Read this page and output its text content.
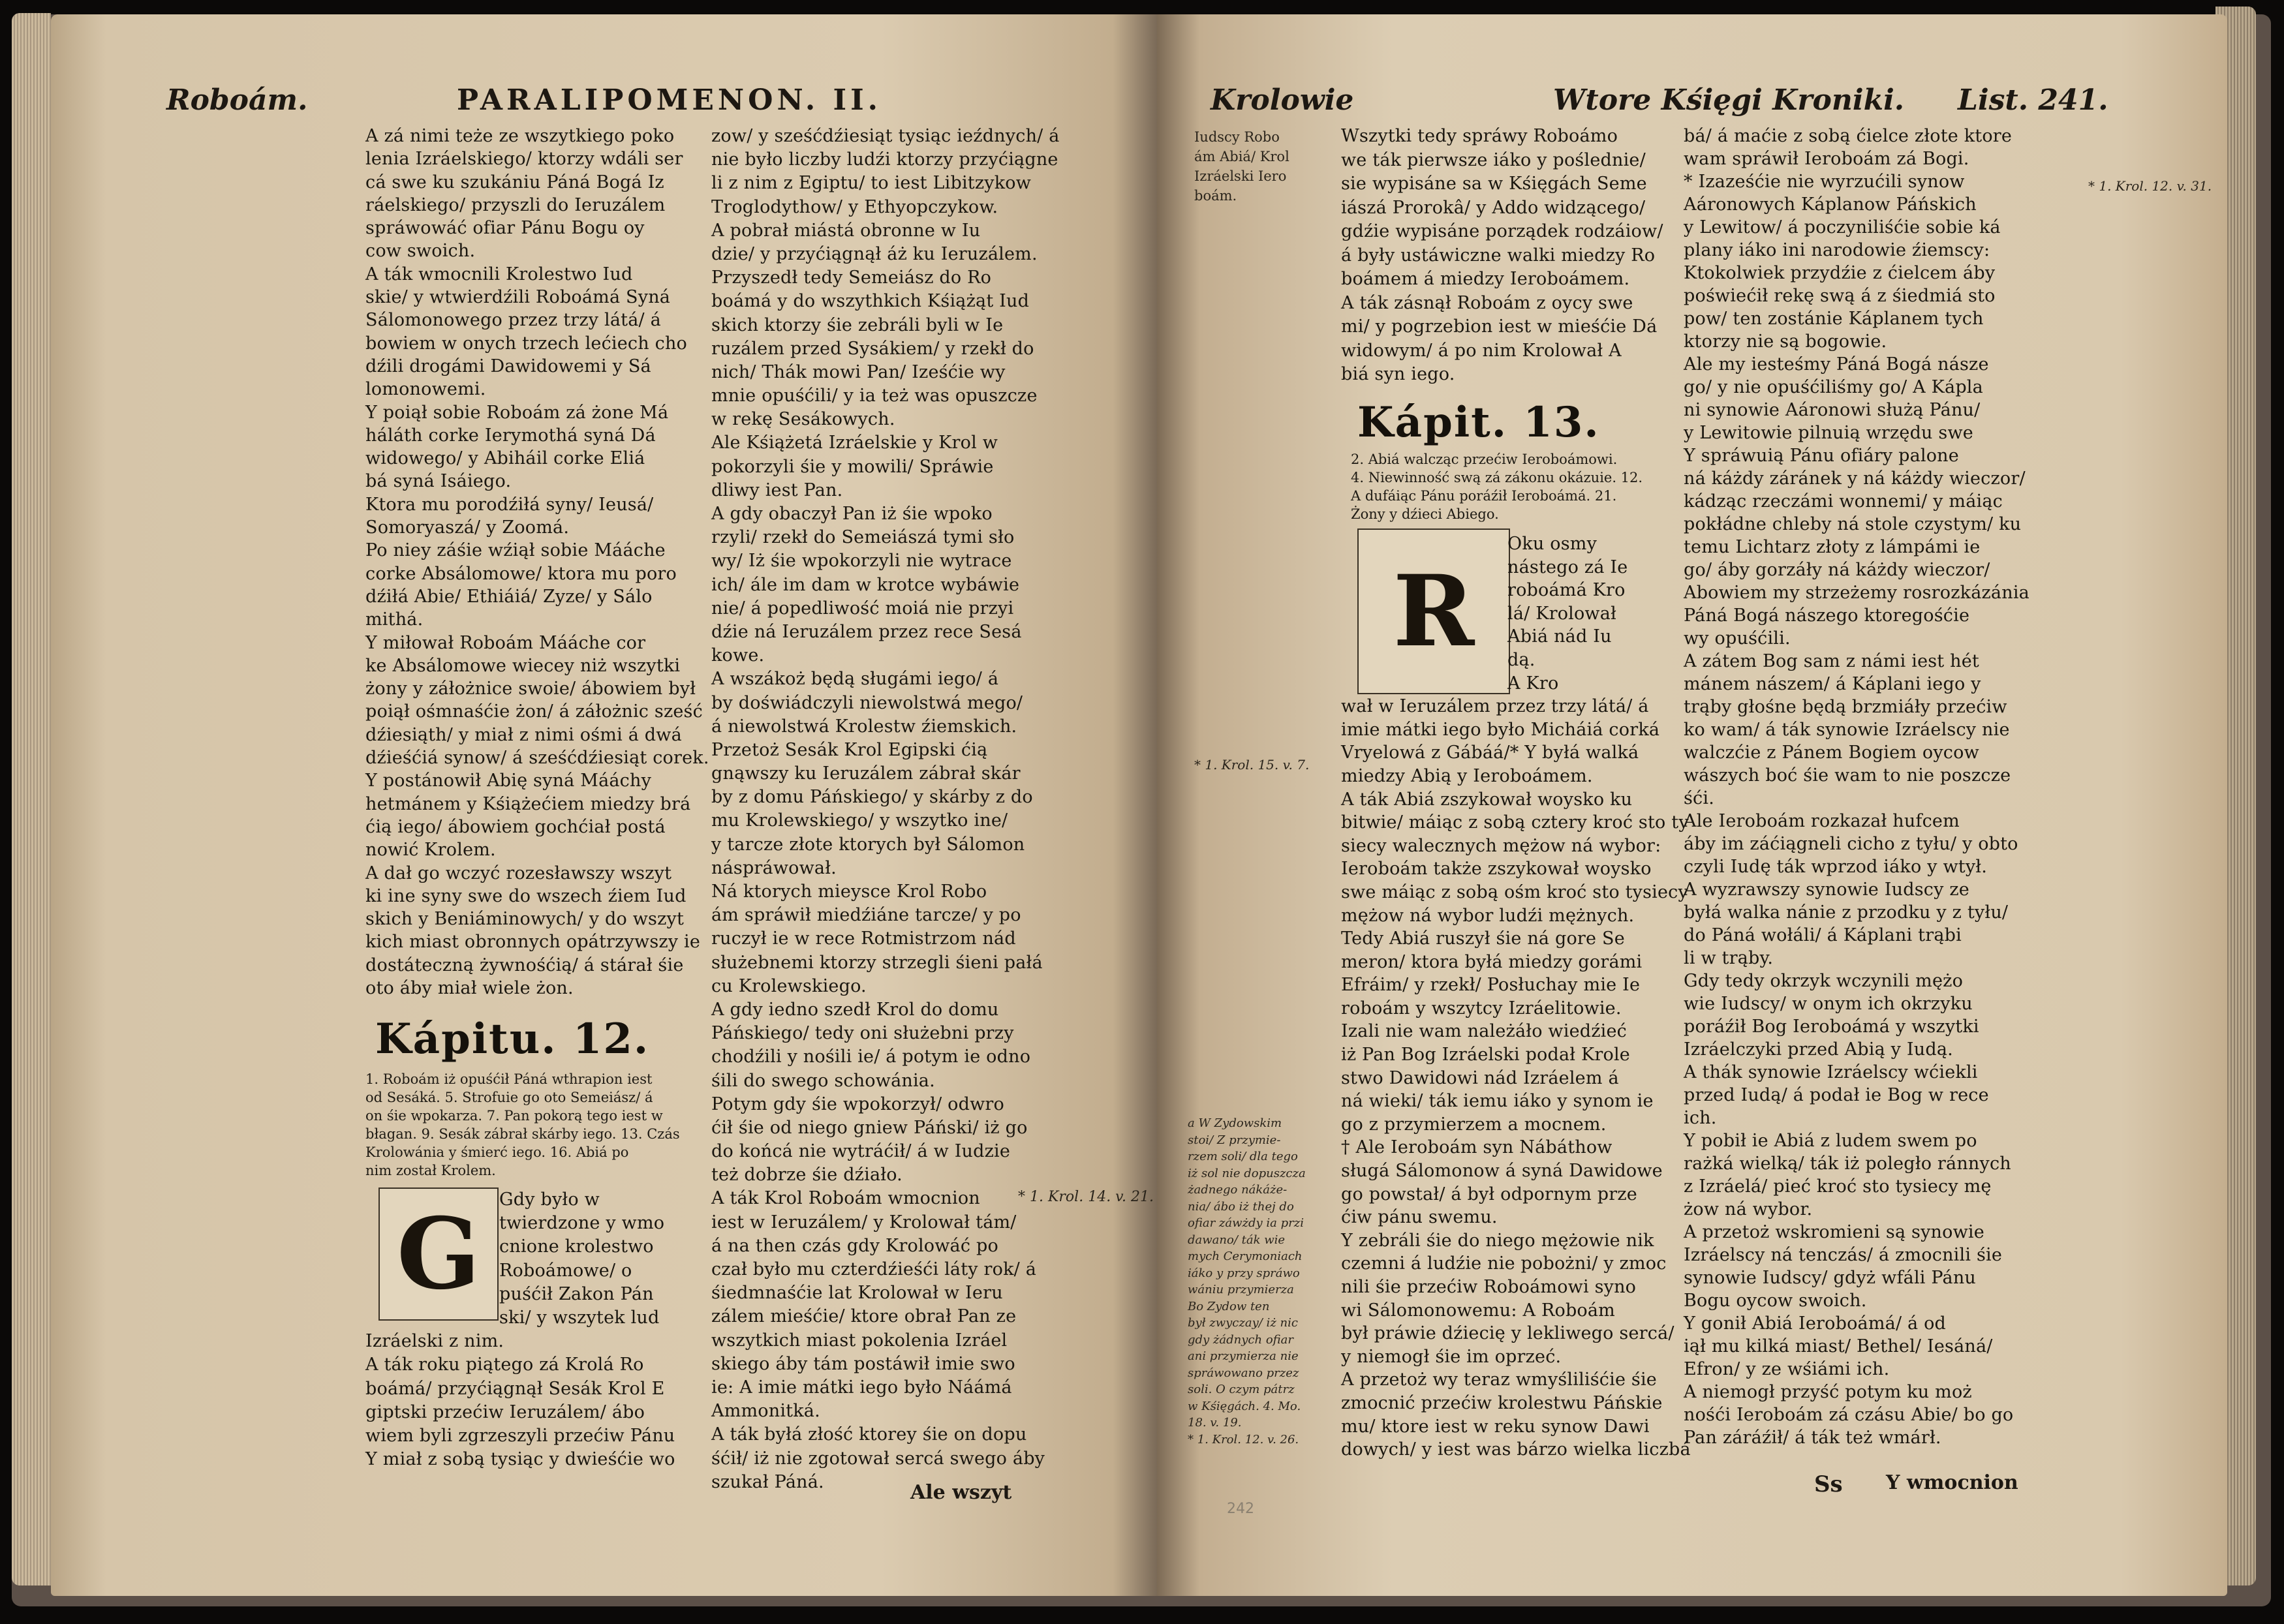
Roboám.	PARALIPOMENON. II.
A zá nimi teże ze wszytkiego poko
lenia Izráelskiego/ ktorzy wdáli ser
cá swe ku szukániu Páná Bogá Iz
ráelskiego/ przyszli do Ieruzálem
spráwowáć ofiar Pánu Bogu oy
cow swoich.
A ták wmocnili Krolestwo Iud
skie/ y wtwierdźili Roboámá Syná
Sálomonowego przez trzy látá/ á
bowiem w onych trzech lećiech cho
dźili drogámi Dawidowemi y Sá
lomonowemi.
Y poiął sobie Roboám zá żone Má
háláth corke Ierymothá syná Dá
widowego/ y Abiháil corke Eliá
bá syná Isáiego.
Ktora mu porodźiłá syny/ Ieusá/
Somoryaszá/ y Zoomá.
Po niey záśie wźiął sobie Mááche
corke Absálomowe/ ktora mu poro
dźiłá Abie/ Ethiáiá/ Zyze/ y Sálo
mithá.
Y miłował Roboám Mááche cor
ke Absálomowe wiecey niż wszytki
żony y záłożnice swoie/ ábowiem był
poiął ośmnaśćie żon/ á záłożnic sześć
dźiesiąth/ y miał z nimi ośmi á dwá
dźieśćiá synow/ á sześćdźiesiąt corek.
Y postánowił Abię syná Mááchy
hetmánem y Kśiążećiem miedzy brá
ćią iego/ ábowiem gochćiał postá
nowić Krolem.
A dał go wczyć rozesławszy wszyt
ki ine syny swe do wszech źiem Iud
skich y Beniáminowych/ y do wszyt
kich miast obronnych opátrzywszy ie
dostáteczną żywnośćią/ á stárał śie
oto áby miał wiele żon.
Kápitu. 12.
1. Roboám iż opuśćił Páná wthrapion iest
od Sesáká. 5. Strofuie go oto Semeiász/ á
on śie wpokarza. 7. Pan pokorą tego iest w
błagan. 9. Sesák zábrał skárby iego. 13. Czás
Krolowánia y śmierć iego. 16. Abiá po
nim został Krolem.
G	Gdy było w
twierdzone y wmo
cnione krolestwo
Roboámowe/ o
puśćił Zakon Pán
ski/ y wszytek lud
Izráelski z nim.
A ták roku piątego zá Krolá Ro
boámá/ przyćiągnął Sesák Krol E
giptski przećiw Ieruzálem/ ábo
wiem byli zgrzeszyli przećiw Pánu
Y miał z sobą tysiąc y dwieśćie wo
zow/ y sześćdźiesiąt tysiąc ieźdnych/ á
nie było liczby ludźi ktorzy przyćiągne
li z nim z Egiptu/ to iest Libitzykow
Troglodythow/ y Ethyopczykow.
A pobrał miástá obronne w Iu
dzie/ y przyćiągnął áż ku Ieruzálem.
Przyszedł tedy Semeiász do Ro
boámá y do wszythkich Kśiążąt Iud
skich ktorzy śie zebráli byli w Ie
ruzálem przed Sysákiem/ y rzekł do
nich/ Thák mowi Pan/ Iześćie wy
mnie opuśćili/ y ia też was opuszcze
w rekę Sesákowych.
Ale Kśiążetá Izráelskie y Krol w
pokorzyli śie y mowili/ Spráwie
dliwy iest Pan.
A gdy obaczył Pan iż śie wpoko
rzyli/ rzekł do Semeiászá tymi sło
wy/ Iż śie wpokorzyli nie wytrace
ich/ ále im dam w krotce wybáwie
nie/ á popedliwość moiá nie przyi
dźie ná Ieruzálem przez rece Sesá
kowe.
A wszákoż będą sługámi iego/ á
by doświádczyli niewolstwá mego/
á niewolstwá Krolestw źiemskich.
Przetoż Sesák Krol Egipski ćią
gnąwszy ku Ieruzálem zábrał skár
by z domu Páńskiego/ y skárby z do
mu Krolewskiego/ y wszytko ine/
y tarcze złote ktorych był Sálomon
náspráwował.
Ná ktorych mieysce Krol Robo
ám spráwił miedźiáne tarcze/ y po
ruczył ie w rece Rotmistrzom nád
służebnemi ktorzy strzegli śieni pałá
cu Krolewskiego.
A gdy iedno szedł Krol do domu
Páńskiego/ tedy oni służebni przy
chodźili y nośili ie/ á potym ie odno
śili do swego schowánia.
Potym gdy śie wpokorzył/ odwro
ćił śie od niego gniew Páński/ iż go
do końcá nie wytráćił/ á w Iudzie
też dobrze śie dźiało.
A ták Krol Roboám wmocnion
iest w Ieruzálem/ y Krolował tám/
á na then czás gdy Krolowáć po
czał było mu czterdźieśći láty rok/ á
śiedmnaśćie lat Krolował w Ieru
zálem mieśćie/ ktore obrał Pan ze
wszytkich miast pokolenia Izráel
skiego áby tám postáwił imie swo
ie: A imie mátki iego było Náámá
Ammonitká.
A ták byłá złość ktorey śie on dopu
śćił/ iż nie zgotował sercá swego áby
szukał Páná.
* 1. Krol. 14. v. 21.
Ale wszyt
Krolowie	Wtore Kśięgi Kroniki. List. 241.
Iudscy Robo
ám Abiá/ Krol
Izráelski Iero
boám.
Wszytki tedy spráwy Roboámo
we ták pierwsze iáko y poślednie/
sie wypisáne sa w Kśięgách Seme
iászá Prorokâ/ y Addo widzącego/
gdźie wypisáne porządek rodzáiow/
á były ustáwiczne walki miedzy Ro
boámem á miedzy Ieroboámem.
A ták zásnął Roboám z oycy swe
mi/ y pogrzebion iest w mieśćie Dá
widowym/ á po nim Krolował A
biá syn iego.
Kápit. 13.
2. Abiá walcząc przećiw Ieroboámowi.
4. Niewinność swą zá zákonu okázuie. 12.
A dufáiąc Pánu poráźił Ieroboámá. 21.
Żony y dźieci Abiego.
R
Oku osmy
nástego zá Ie
roboámá Kro
lá/ Krolował
Abiá nád Iu
dą.
A Kro
wał w Ieruzálem przez trzy látá/ á
imie mátki iego było Micháiá corká
Vryelowá z Gábáá/* Y byłá walká
miedzy Abią y Ieroboámem.
A ták Abiá zszykował woysko ku
bitwie/ máiąc z sobą cztery kroć sto ty
siecy walecznych mężow ná wybor:
Ieroboám także zszykował woysko
swe máiąc z sobą ośm kroć sto tysiecy
mężow ná wybor ludźi mężnych.
Tedy Abiá ruszył śie ná gore Se
meron/ ktora byłá miedzy gorámi
Efráim/ y rzekł/ Posłuchay mie Ie
roboám y wszytcy Izráelitowie.
Izali nie wam należáło wiedźieć
iż Pan Bog Izráelski podał Krole
stwo Dawidowi nád Izráelem á
ná wieki/ ták iemu iáko y synom ie
go z przymierzem a mocnem.
† Ale Ieroboám syn Nábáthow
sługá Sálomonow á syná Dawidowe
go powstał/ á był odpornym prze
ćiw pánu swemu.
Y zebráli śie do niego mężowie nik
czemni á ludźie nie pobożni/ y zmoc
nili śie przećiw Roboámowi syno
wi Sálomonowemu: A Roboám
był práwie dźiecię y lekliwego sercá/
y niemogł śie im oprzeć.
A przetoż wy teraz wmyśliliśćie śie
zmocnić przećiw krolestwu Páńskie
mu/ ktore iest w reku synow Dawi
dowych/ y iest was bárzo wielka liczbá
bá/ á maćie z sobą ćielce złote ktore
wam spráwił Ieroboám zá Bogi.
* Izaześćie nie wyrzućili synow
Aáronowych Káplanow Páńskich
y Lewitow/ á poczyniliśćie sobie ká
plany iáko ini narodowie źiemscy:
Ktokolwiek przydźie z ćielcem áby
poświećił rekę swą á z śiedmiá sto
pow/ ten zostánie Káplanem tych
ktorzy nie są bogowie.
Ale my iesteśmy Páná Bogá násze
go/ y nie opuśćiliśmy go/ A Kápla
ni synowie Aáronowi służą Pánu/
y Lewitowie pilnuią wrzędu swe
Y spráwuią Pánu ofiáry palone
ná káżdy záránek y ná káżdy wieczor/
kádząc rzeczámi wonnemi/ y máiąc
pokłádne chleby ná stole czystym/ ku
temu Lichtarz złoty z lámpámi ie
go/ áby gorzáły ná káżdy wieczor/
Abowiem my strzeżemy rosrozkázánia
Páná Bogá nászego ktoregośćie
wy opuśćili.
A zátem Bog sam z námi iest hét
mánem nászem/ á Káplani iego y
trąby głośne będą brzmiáły przećiw
ko wam/ á ták synowie Izráelscy nie
walczćie z Pánem Bogiem oycow
wászych boć śie wam to nie poszcze
śći.
Ale Ieroboám rozkazał hufcem
áby im záćiągneli cicho z tyłu/ y obto
czyli Iudę ták wprzod iáko y wtył.
A wyzrawszy synowie Iudscy ze
byłá walka nánie z przodku y z tyłu/
do Páná wołáli/ á Káplani trąbi
li w trąby.
Gdy tedy okrzyk wczynili mężo
wie Iudscy/ w onym ich okrzyku
poráźił Bog Ieroboámá y wszytki
Izráelczyki przed Abią y Iudą.
A thák synowie Izráelscy wćiekli
przed Iudą/ á podał ie Bog w rece
ich.
Y pobił ie Abiá z ludem swem po
rażká wielką/ ták iż poległo ránnych
z Izráelá/ pieć kroć sto tysiecy mę
żow ná wybor.
A przetoż wskromieni są synowie
Izráelscy ná tenczás/ á zmocnili śie
synowie Iudscy/ gdyż wfáli Pánu
Bogu oycow swoich.
Y gonił Abiá Ieroboámá/ á od
iął mu kilká miast/ Bethel/ Iesáná/
Efron/ y ze wśiámi ich.
A niemogł przyść potym ku moż
nośći Ieroboám zá czásu Abie/ bo go
Pan záráźił/ á ták też wmárł.
* 1. Krol. 12. v. 31.
* 1. Krol. 15. v. 7.
a W Zydowskim
stoi/ Z przymie-
rzem soli/ dla tego
iż sol nie dopuszcza
żadnego nákáże-
nia/ ábo iż thej do
ofiar záwżdy ia przi
dawano/ ták wie
mych Cerymoniach
iáko y przy spráwo
wániu przymierza
Bo Zydow ten
był zwyczay/ iż nic
gdy żádnych ofiar
ani przymierza nie
spráwowano przez
soli. O czym pátrz
w Kśięgách. 4. Mo.
18. v. 19.
* 1. Krol. 12. v. 26.
Ss Y wmocnion
242
